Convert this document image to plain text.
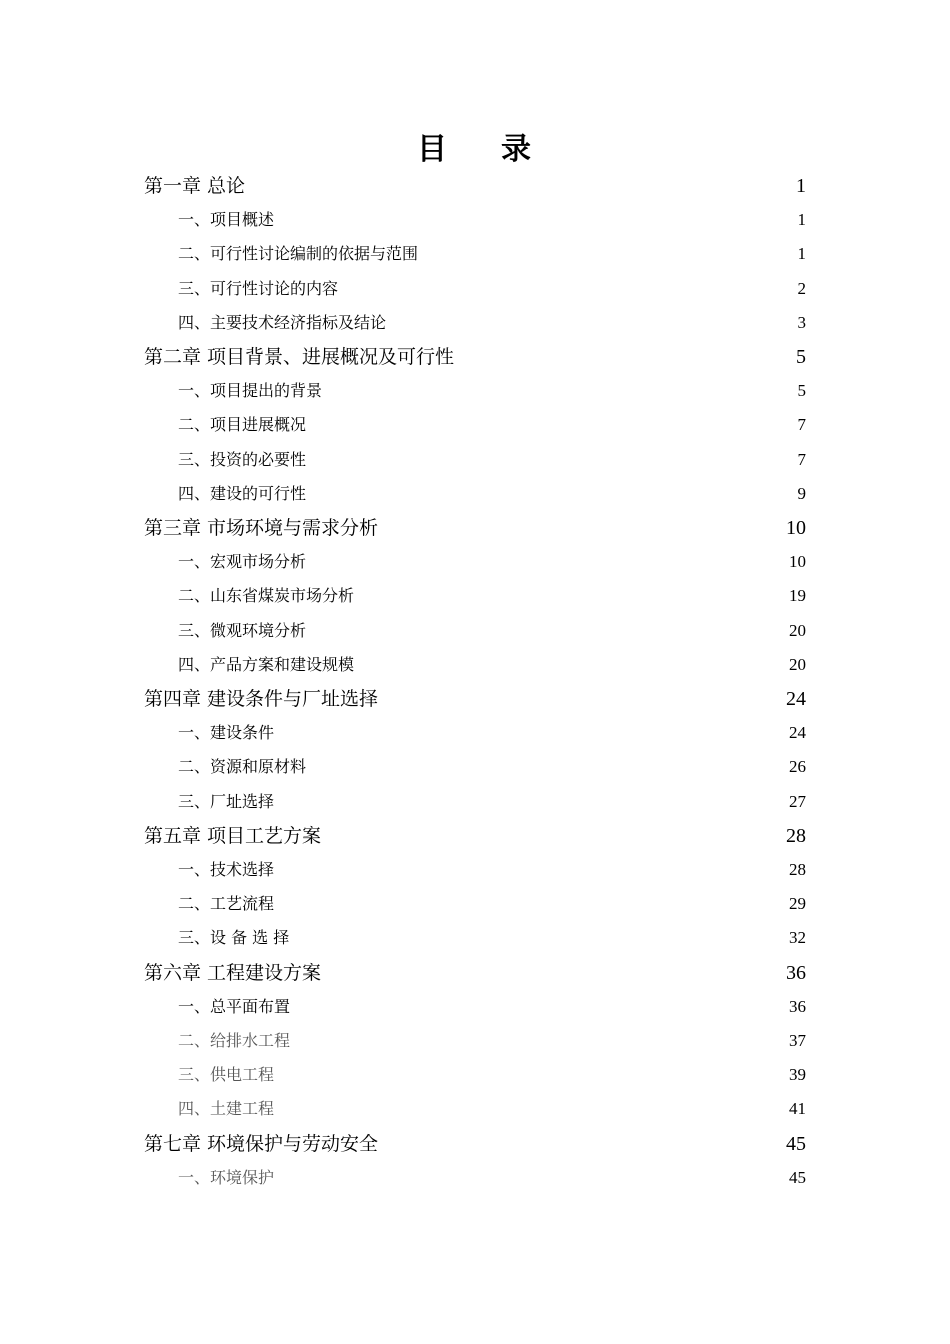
目 录
第一章 总论	1
一、项目概述	1
二、可行性讨论编制的依据与范围	1
三、可行性讨论的内容	2
四、主要技术经济指标及结论	3
第二章 项目背景、进展概况及可行性	5
一、项目提出的背景	5
二、项目进展概况	7
三、投资的必要性	7
四、建设的可行性	9
第三章 市场环境与需求分析	10
一、宏观市场分析	10
二、山东省煤炭市场分析	19
三、微观环境分析	20
四、产品方案和建设规模	20
第四章 建设条件与厂址选择	24
一、建设条件	24
二、资源和原材料	26
三、厂址选择	27
第五章 项目工艺方案	28
一、技术选择	28
二、工艺流程	29
三、设 备 选 择	32
第六章 工程建设方案	36
一、总平面布置	36
二、给排水工程	37
三、供电工程	39
四、土建工程	41
第七章 环境保护与劳动安全	45
一、环境保护	45
